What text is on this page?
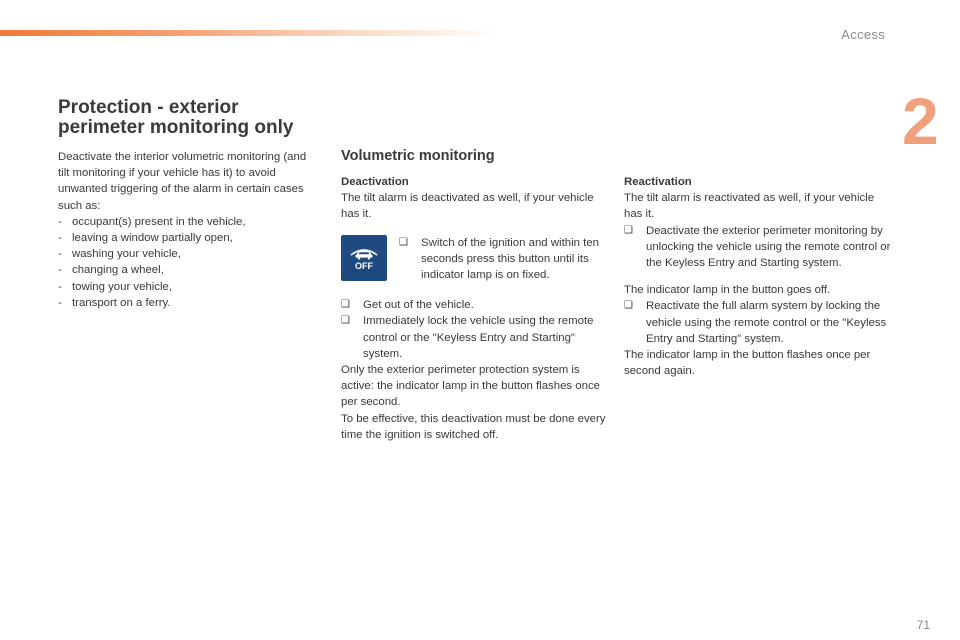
Access
2
Protection - exterior
perimeter monitoring only

Deactivate the interior volumetric monitoring (and tilt monitoring if your vehicle has it) to avoid unwanted triggering of the alarm in certain cases such as:

- occupant(s) present in the vehicle,
- leaving a window partially open,
- washing your vehicle,
- changing a wheel,
- towing your vehicle,
- transport on a ferry.
Volumetric monitoring

Deactivation

The tilt alarm is deactivated as well, if your vehicle has it.

OFF
❑ Switch of the ignition and within ten seconds press this button until its indicator lamp is on fixed.
❑ Get out of the vehicle.
❑ Immediately lock the vehicle using the remote control or the "Keyless Entry and Starting" system.

Only the exterior perimeter protection system is active: the indicator lamp in the button flashes once per second.

To be effective, this deactivation must be done every time the ignition is switched off.

Reactivation

The tilt alarm is reactivated as well, if your vehicle has it.

❑ Deactivate the exterior perimeter monitoring by unlocking the vehicle using the remote control or the Keyless Entry and Starting system.

The indicator lamp in the button goes off.

❑ Reactivate the full alarm system by locking the vehicle using the remote control or the "Keyless Entry and Starting" system.

The indicator lamp in the button flashes once per second again.

71
